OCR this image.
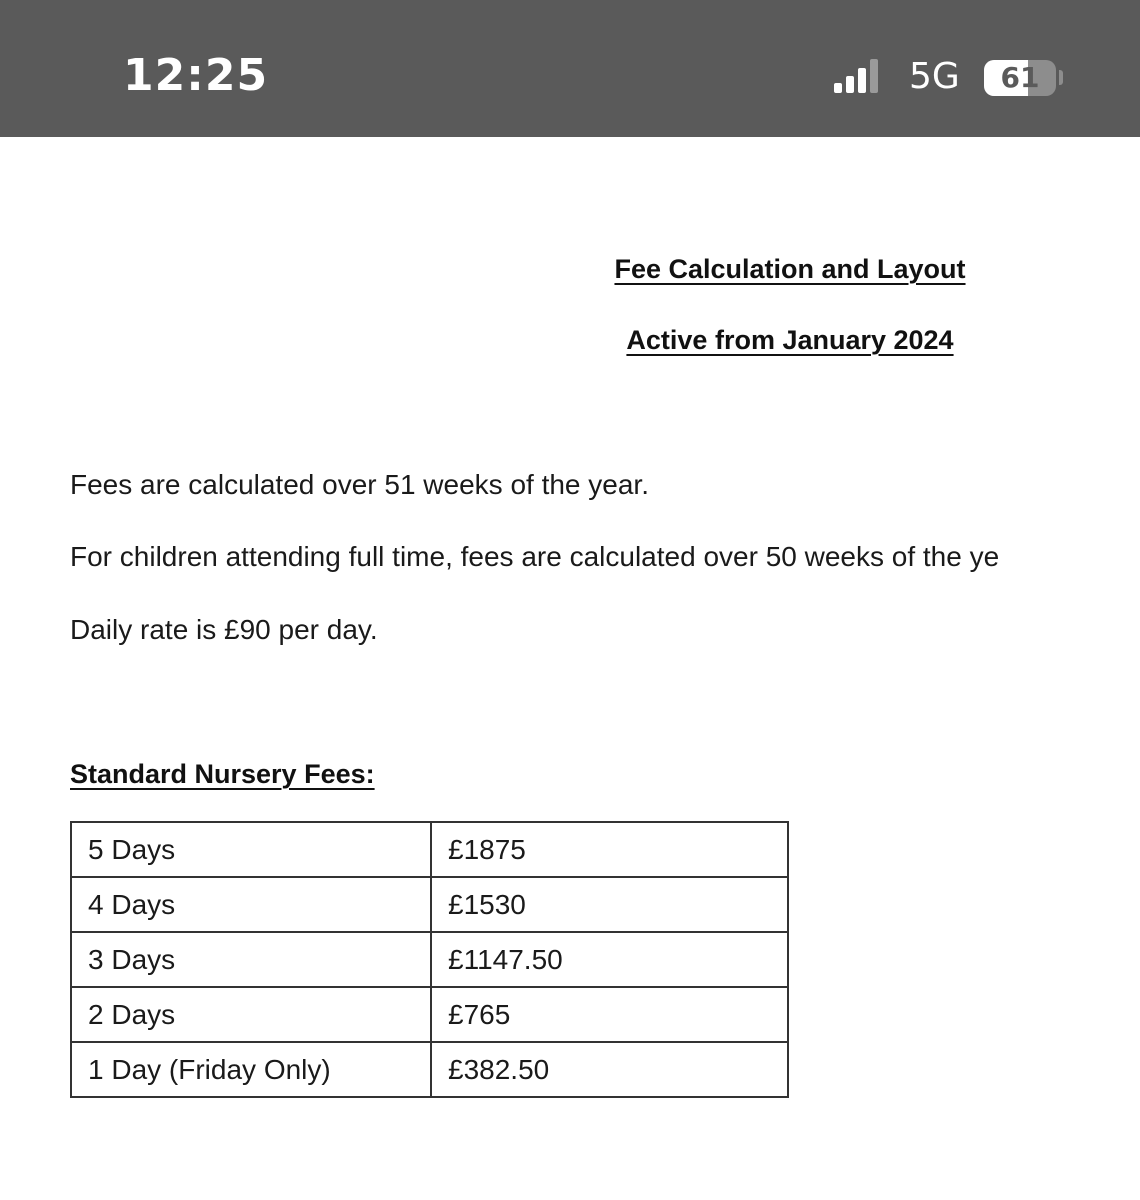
12:25	5G	61
Fee Calculation and Layout
Active from January 2024
Fees are calculated over 51 weeks of the year.
For children attending full time, fees are calculated over 50 weeks of the ye
Daily rate is £90 per day.
Standard Nursery Fees:
5 Days	£1875
4 Days	£1530
3 Days	£1147.50
2 Days	£765
1 Day (Friday Only)	£382.50
